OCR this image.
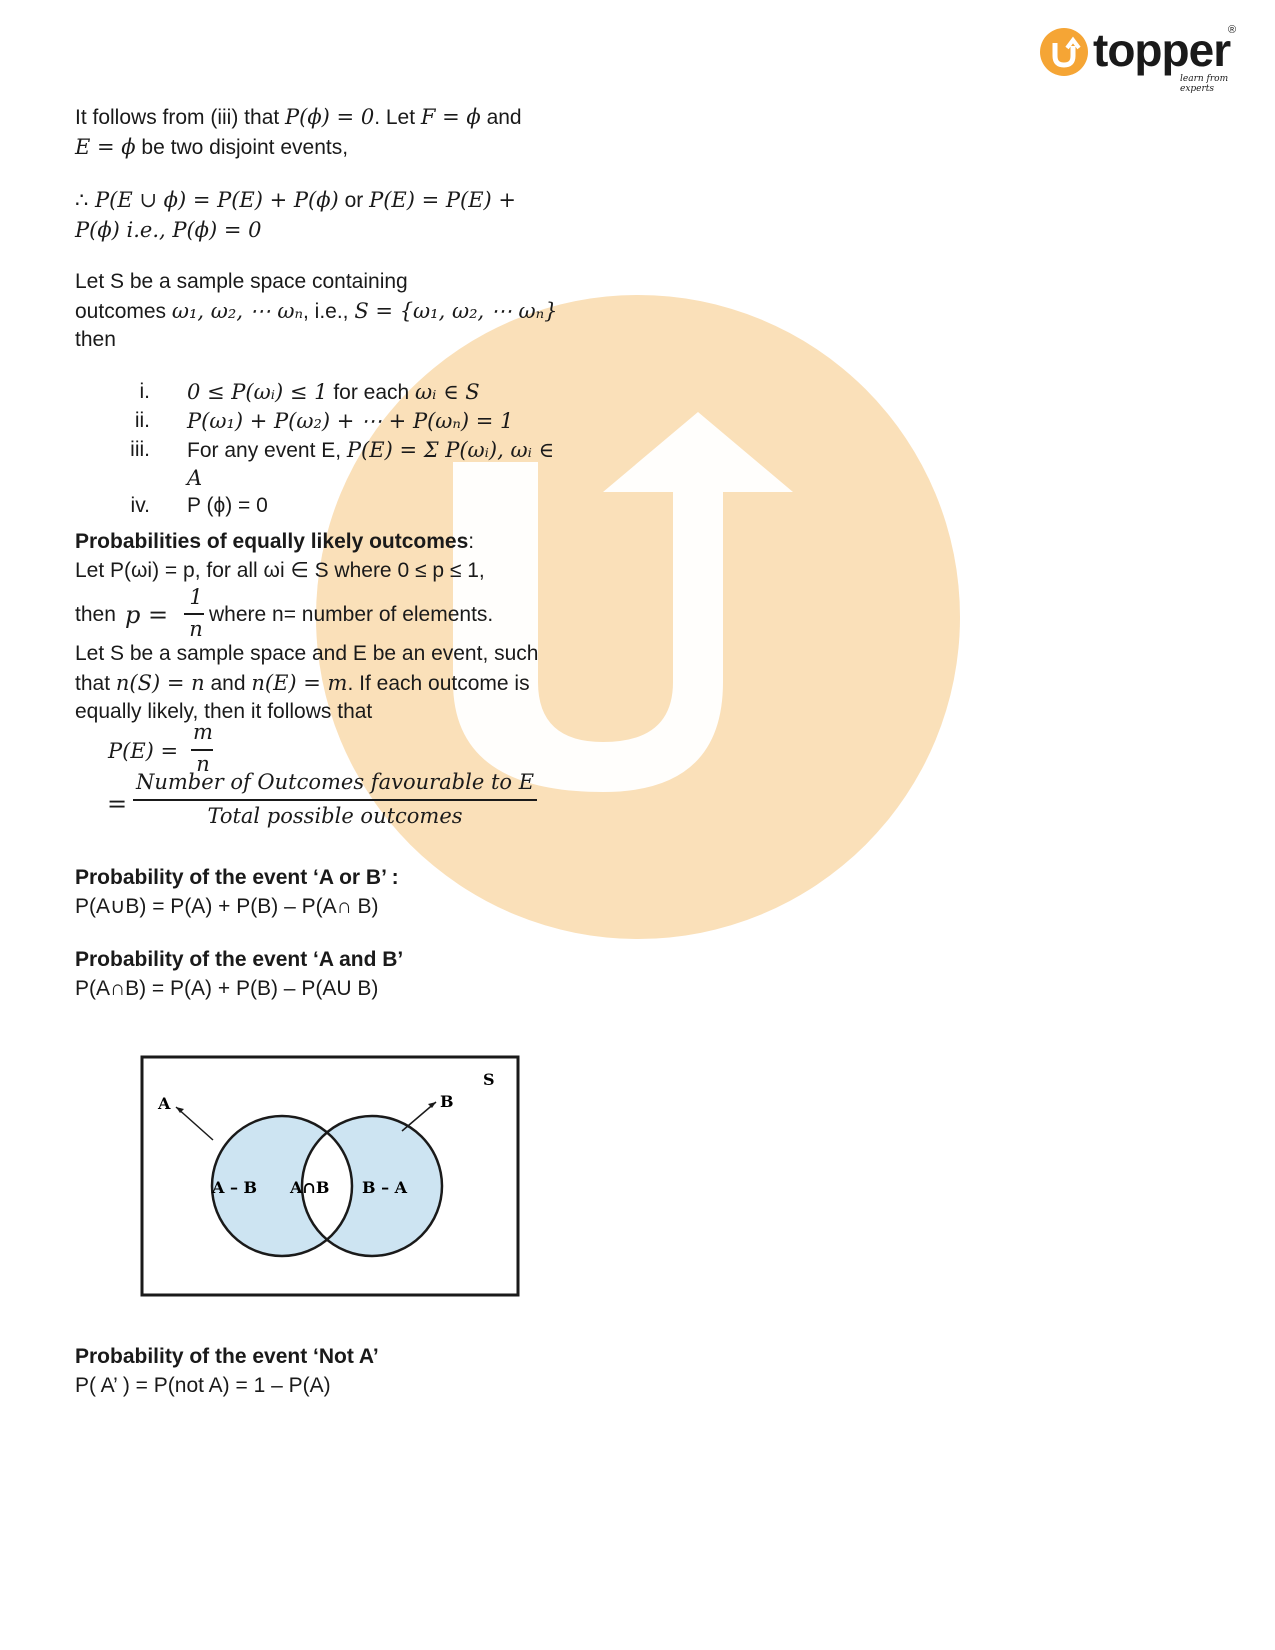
topper
learn from experts
®
It follows from (iii) that P(ϕ) = 0. Let F = ϕ and
E = ϕ be two disjoint events,
∴ P(E ∪ ϕ) = P(E) + P(ϕ) or P(E) = P(E) +
P(ϕ) i.e., P(ϕ) = 0
Let S be a sample space containing
outcomes ω₁, ω₂, ⋯ ωₙ, i.e., S = {ω₁, ω₂, ⋯ ωₙ}
then
i. 0 ≤ P(ωᵢ) ≤ 1 for each ωᵢ ∈ S
ii. P(ω₁) + P(ω₂) + ⋯ + P(ωₙ) = 1
iii. For any event E, P(E) = Σ P(ωᵢ), ωᵢ ∈
A
iv. P (ϕ) = 0
Probabilities of equally likely outcomes:
Let P(ωi) = p, for all ωi ∈ S where 0 ≤ p ≤ 1,
then p =
1
n
where n= number of elements.
Let S be a sample space and E be an event, such
that n(S) = n and n(E) = m. If each outcome is
equally likely, then it follows that
P(E) =
m
n
=
Number of Outcomes favourable to E
Total possible outcomes
Probability of the event ‘A or B’ :
P(A∪B) = P(A) + P(B) – P(A∩ B)
Probability of the event ‘A and B’
P(A∩B) = P(A) + P(B) – P(AU B)
S
A	B
A – B A∩B B – A
Probability of the event ‘Not A’
P( A’ ) = P(not A) = 1 – P(A)
